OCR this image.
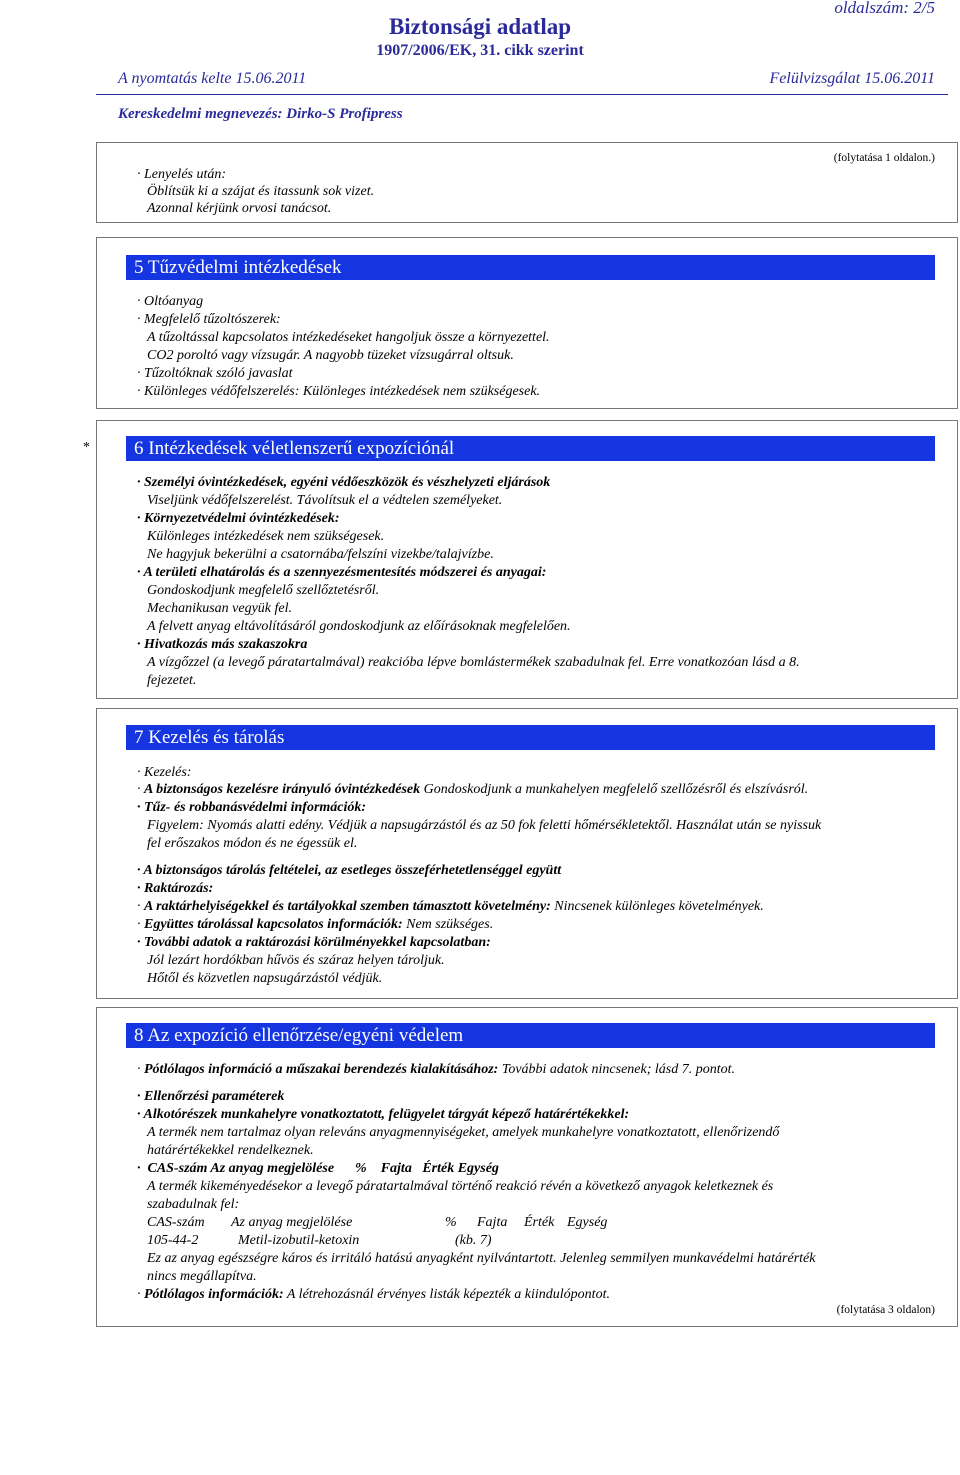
oldalszám: 2/5
Biztonsági adatlap
1907/2006/EK, 31. cikk szerint
A nyomtatás kelte 15.06.2011	Felülvizsgálat 15.06.2011
Kereskedelmi megnevezés: Dirko-S Profipress
(folytatása 1 oldalon.)
· Lenyelés után:
Öblítsük ki a szájat és itassunk sok vizet.
Azonnal kérjünk orvosi tanácsot.
5 Tűzvédelmi intézkedések
· Oltóanyag
· Megfelelő tűzoltószerek:
A tűzoltással kapcsolatos intézkedéseket hangoljuk össze a környezettel.
CO2 poroltó vagy vízsugár. A nagyobb tüzeket vízsugárral oltsuk.
· Tűzoltóknak szóló javaslat
· Különleges védőfelszerelés: Különleges intézkedések nem szükségesek.
*	6 Intézkedések véletlenszerű expozíciónál
· Személyi óvintézkedések, egyéni védőeszközök és vészhelyzeti eljárások
Viseljünk védőfelszerelést. Távolítsuk el a védtelen személyeket.
· Környezetvédelmi óvintézkedések:
Különleges intézkedések nem szükségesek.
Ne hagyjuk bekerülni a csatornába/felszíni vizekbe/talajvízbe.
· A területi elhatárolás és a szennyezésmentesítés módszerei és anyagai:
Gondoskodjunk megfelelő szellőztetésről.
Mechanikusan vegyük fel.
A felvett anyag eltávolításáról gondoskodjunk az előírásoknak megfelelően.
· Hivatkozás más szakaszokra
A vízgőzzel (a levegő páratartalmával) reakcióba lépve bomlástermékek szabadulnak fel. Erre vonatkozóan lásd a 8.
fejezetet.
7 Kezelés és tárolás
· Kezelés:
· A biztonságos kezelésre irányuló óvintézkedések Gondoskodjunk a munkahelyen megfelelő szellőzésről és elszívásról.
· Tűz- és robbanásvédelmi információk:
Figyelem: Nyomás alatti edény. Védjük a napsugárzástól és az 50 fok feletti hőmérsékletektől. Használat után se nyissuk
fel erőszakos módon és ne égessük el.
· A biztonságos tárolás feltételei, az esetleges összeférhetetlenséggel együtt
· Raktározás:
· A raktárhelyiségekkel és tartályokkal szemben támasztott követelmény: Nincsenek különleges követelmények.
· Együttes tárolással kapcsolatos információk: Nem szükséges.
· További adatok a raktározási körülményekkel kapcsolatban:
Jól lezárt hordókban hűvös és száraz helyen tároljuk.
Hőtől és közvetlen napsugárzástól védjük.
8 Az expozíció ellenőrzése/egyéni védelem
· Pótlólagos információ a műszakai berendezés kialakításához: További adatok nincsenek; lásd 7. pontot.
· Ellenőrzési paraméterek
· Alkotórészek munkahelyre vonatkoztatott, felügyelet tárgyát képező határértékekkel:
A termék nem tartalmaz olyan releváns anyagmennyiségeket, amelyek munkahelyre vonatkoztatott, ellenőrizendő
határértékekkel rendelkeznek.
·  CAS-szám Az anyag megjelölése      %    Fajta   Érték Egység
A termék kikeményedésekor a levegő páratartalmával történő reakció révén a következő anyagok keletkeznek és
szabadulnak fel:
CAS-szám Az anyag megjelölése	% Fajta Érték Egység
105-44-2	Metil-izobutil-ketoxin	(kb. 7)
Ez az anyag egészségre káros és irritáló hatású anyagként nyilvántartott. Jelenleg semmilyen munkavédelmi határérték
nincs megállapítva.
· Pótlólagos információk: A létrehozásnál érvényes listák képezték a kiindulópontot.
(folytatása 3 oldalon)
